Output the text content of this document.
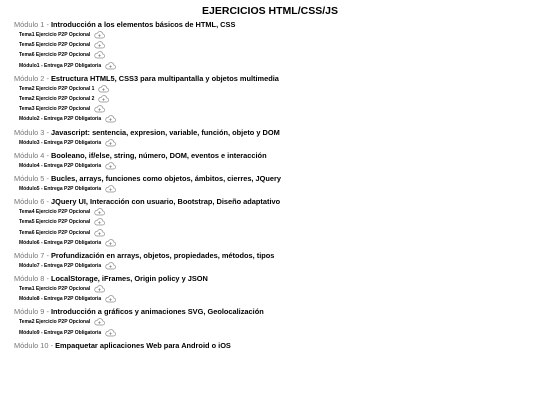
EJERCICIOS HTML/CSS/JS
Módulo 1 - Introducción a los elementos básicos de HTML, CSS
Tema1 Ejercicio P2P Opcional
Tema5 Ejercicio P2P Opcional
Tema6 Ejercicio P2P Opcional
Módulo1 - Entrega P2P Obligatoria
Módulo 2 - Estructura HTML5, CSS3 para multipantalla y objetos multimedia
Tema2 Ejercicio P2P Opcional 1
Tema2 Ejercicio P2P Opcional 2
Tema3 Ejercicio P2P Opcional
Módulo2 - Entrega P2P Obligatoria
Módulo 3 - Javascript: sentencia, expresion, variable, función, objeto y DOM
Módulo3 - Entrega P2P Obligatoria
Módulo 4 - Booleano, if/else, string, número, DOM, eventos e interacción
Módulo4 - Entrega P2P Obligatoria
Módulo 5 - Bucles, arrays, funciones como objetos, ámbitos, cierres, JQuery
Módulo5 - Entrega P2P Obligatoria
Módulo 6 - JQuery UI, Interacción con usuario, Bootstrap, Diseño adaptativo
Tema4 Ejercicio P2P Opcional
Tema5 Ejercicio P2P Opcional
Tema6 Ejercicio P2P Opcional
Módulo6 - Entrega P2P Obligatoria
Módulo 7 - Profundización en arrays, objetos, propiedades, métodos, tipos
Módulo7 - Entrega P2P Obligatoria
Módulo 8 - LocalStorage, iFrames, Origin policy y JSON
Tema1 Ejercicio P2P Opcional
Módulo8 - Entrega P2P Obligatoria
Módulo 9 - Introducción a gráficos y animaciones SVG, Geolocalización
Tema2 Ejercicio P2P Opcional
Módulo9 - Entrega P2P Obligatoria
Módulo 10 - Empaquetar aplicaciones Web para Android o iOS
